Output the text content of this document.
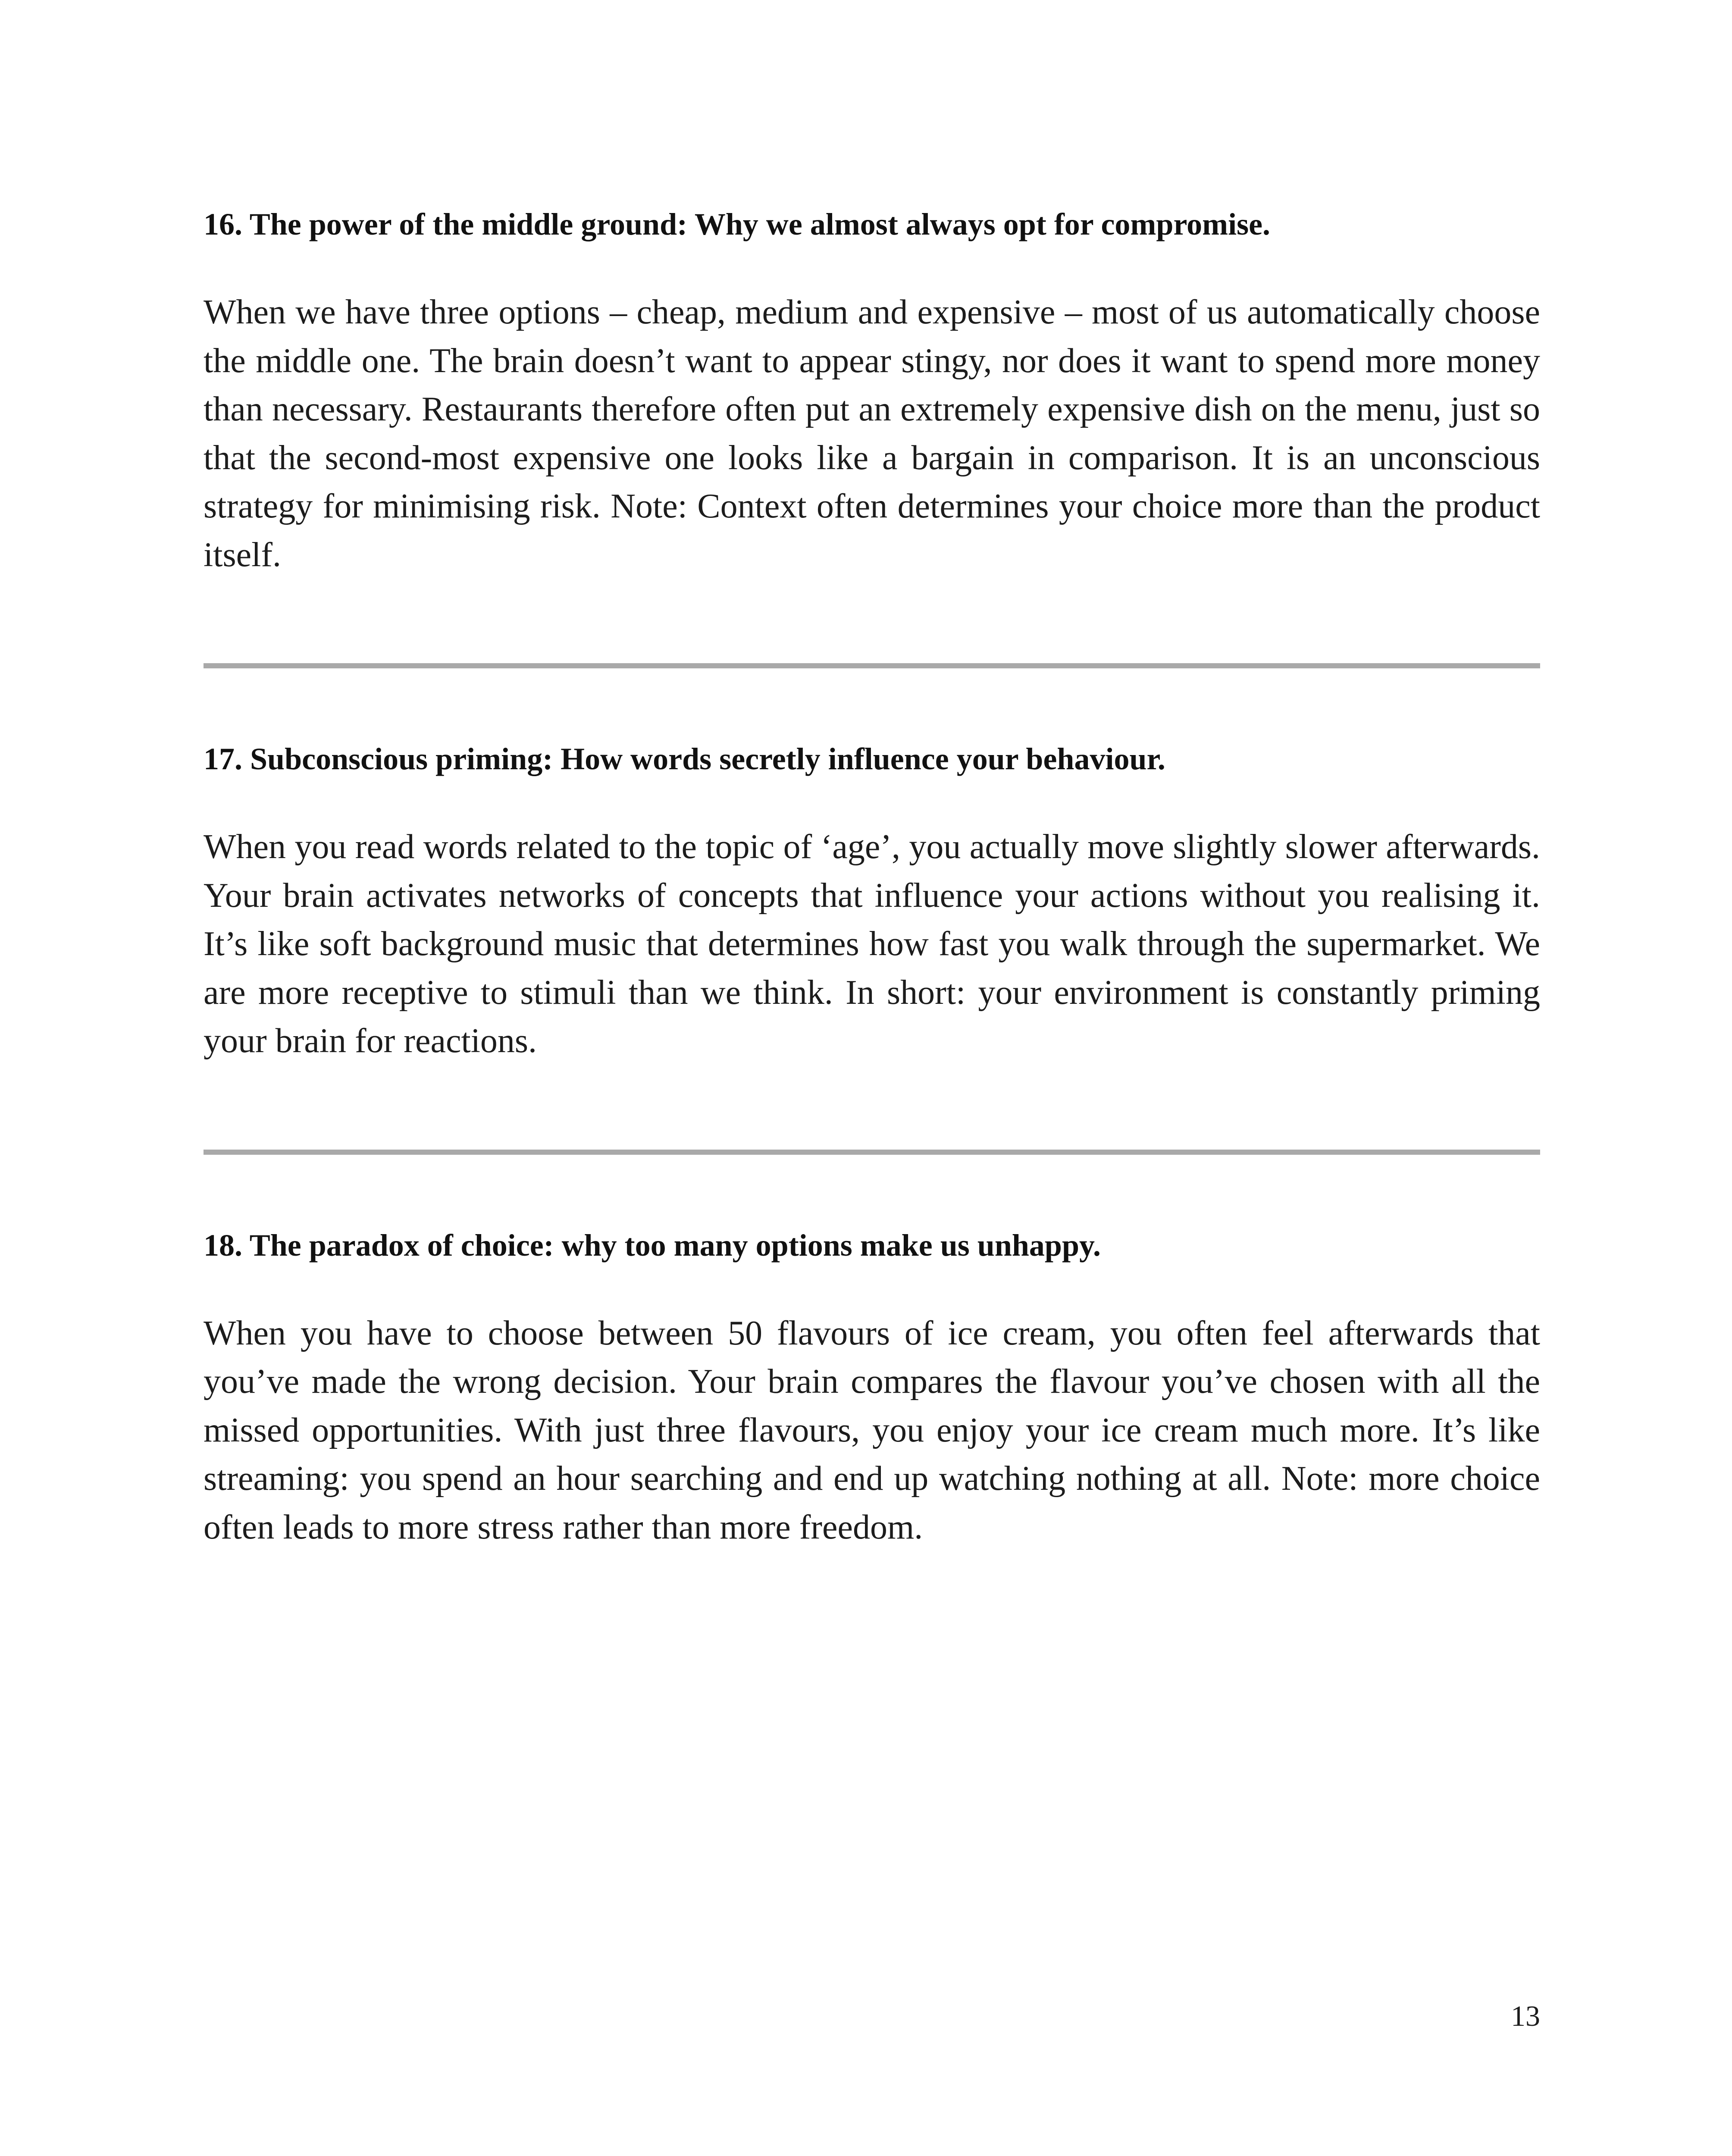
16. The power of the middle ground: Why we almost always opt for compromise.

When we have three options – cheap, medium and expensive – most of us automatically choose the middle one. The brain doesn’t want to appear stingy, nor does it want to spend more money than necessary. Restaurants therefore often put an extremely expensive dish on the menu, just so that the second-most expensive one looks like a bargain in comparison. It is an unconscious strategy for minimising risk. Note: Context often determines your choice more than the product itself.

17. Subconscious priming: How words secretly influence your behaviour.

When you read words related to the topic of ‘age’, you actually move slightly slower afterwards. Your brain activates networks of concepts that influence your actions without you realising it. It’s like soft background music that determines how fast you walk through the supermarket. We are more receptive to stimuli than we think. In short: your environment is constantly priming your brain for reactions.

18. The paradox of choice: why too many options make us unhappy.

When you have to choose between 50 flavours of ice cream, you often feel afterwards that you’ve made the wrong decision. Your brain compares the flavour you’ve chosen with all the missed opportunities. With just three flavours, you enjoy your ice cream much more. It’s like streaming: you spend an hour searching and end up watching nothing at all. Note: more choice often leads to more stress rather than more freedom.

13
